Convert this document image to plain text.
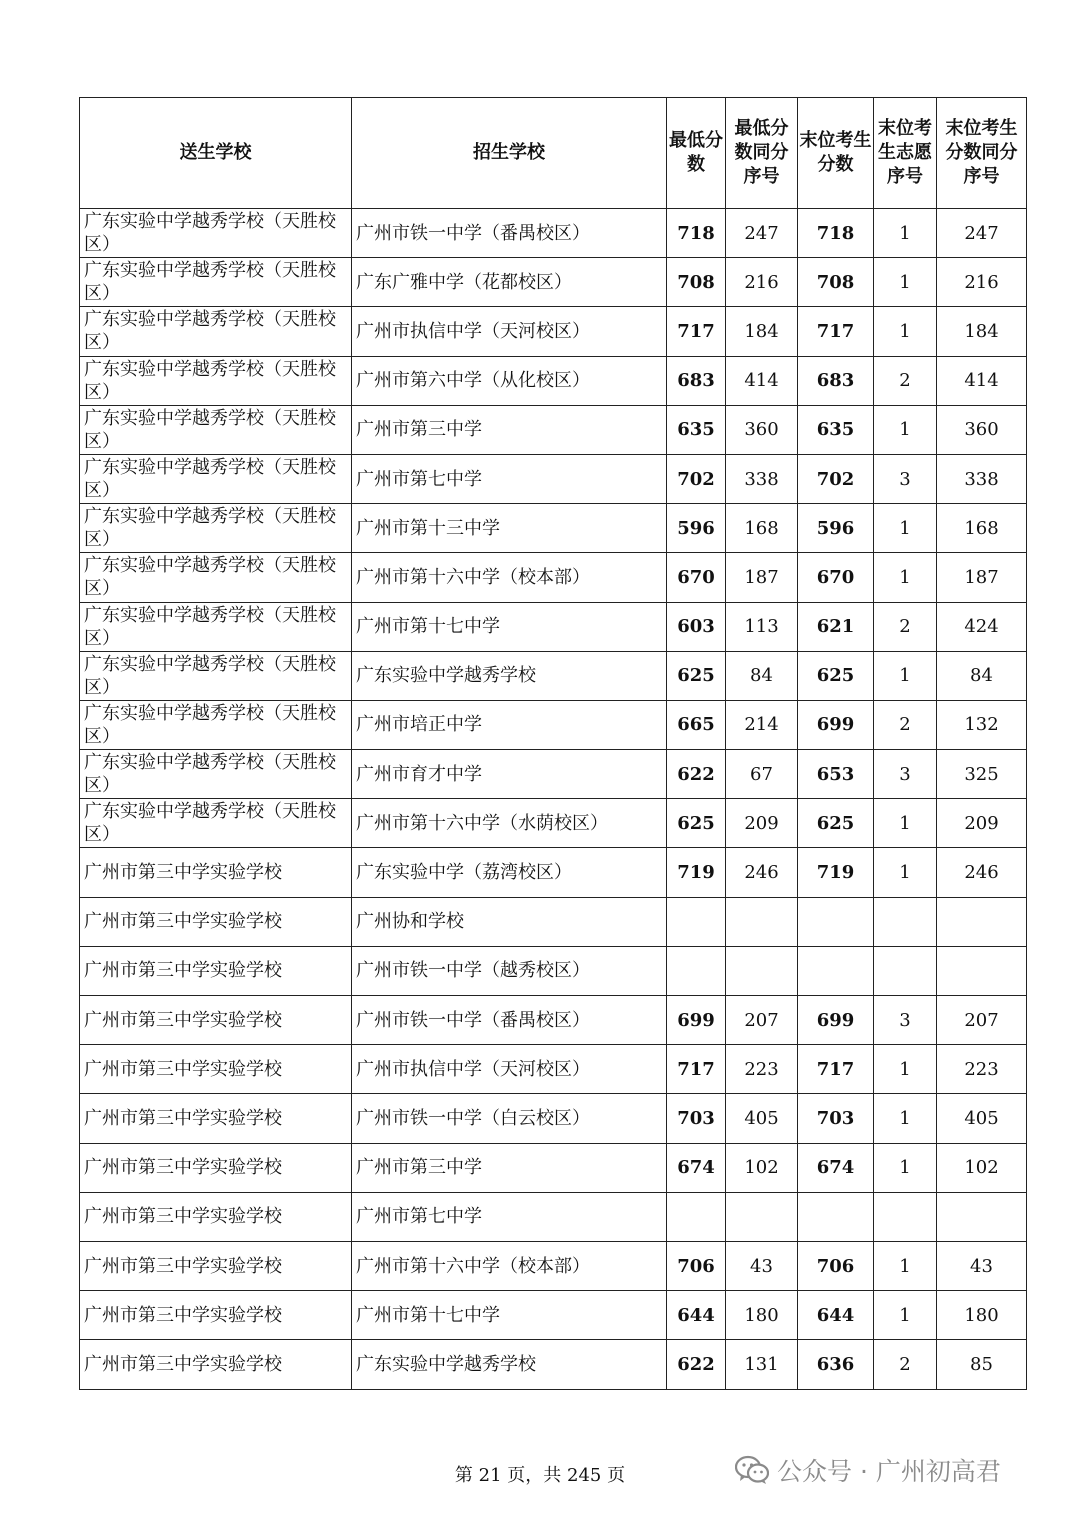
送生学校	招生学校	最低分数	最低分数同分序号	末位考生分数	末位考生志愿序号	末位考生分数同分序号
广东实验中学越秀学校（天胜校区）	广州市铁一中学（番禺校区）	718	247	718	1	247
广东实验中学越秀学校（天胜校区）	广东广雅中学（花都校区）	708	216	708	1	216
广东实验中学越秀学校（天胜校区）	广州市执信中学（天河校区）	717	184	717	1	184
广东实验中学越秀学校（天胜校区）	广州市第六中学（从化校区）	683	414	683	2	414
广东实验中学越秀学校（天胜校区）	广州市第三中学	635	360	635	1	360
广东实验中学越秀学校（天胜校区）	广州市第七中学	702	338	702	3	338
广东实验中学越秀学校（天胜校区）	广州市第十三中学	596	168	596	1	168
广东实验中学越秀学校（天胜校区）	广州市第十六中学（校本部）	670	187	670	1	187
广东实验中学越秀学校（天胜校区）	广州市第十七中学	603	113	621	2	424
广东实验中学越秀学校（天胜校区）	广东实验中学越秀学校	625	84	625	1	84
广东实验中学越秀学校（天胜校区）	广州市培正中学	665	214	699	2	132
广东实验中学越秀学校（天胜校区）	广州市育才中学	622	67	653	3	325
广东实验中学越秀学校（天胜校区）	广州市第十六中学（水荫校区）	625	209	625	1	209
广州市第三中学实验学校	广东实验中学（荔湾校区）	719	246	719	1	246
广州市第三中学实验学校	广州协和学校					
广州市第三中学实验学校	广州市铁一中学（越秀校区）					
广州市第三中学实验学校	广州市铁一中学（番禺校区）	699	207	699	3	207
广州市第三中学实验学校	广州市执信中学（天河校区）	717	223	717	1	223
广州市第三中学实验学校	广州市铁一中学（白云校区）	703	405	703	1	405
广州市第三中学实验学校	广州市第三中学	674	102	674	1	102
广州市第三中学实验学校	广州市第七中学					
广州市第三中学实验学校	广州市第十六中学（校本部）	706	43	706	1	43
广州市第三中学实验学校	广州市第十七中学	644	180	644	1	180
广州市第三中学实验学校	广东实验中学越秀学校	622	131	636	2	85
第 21 页，共 245 页	公众号 · 广州初高君
